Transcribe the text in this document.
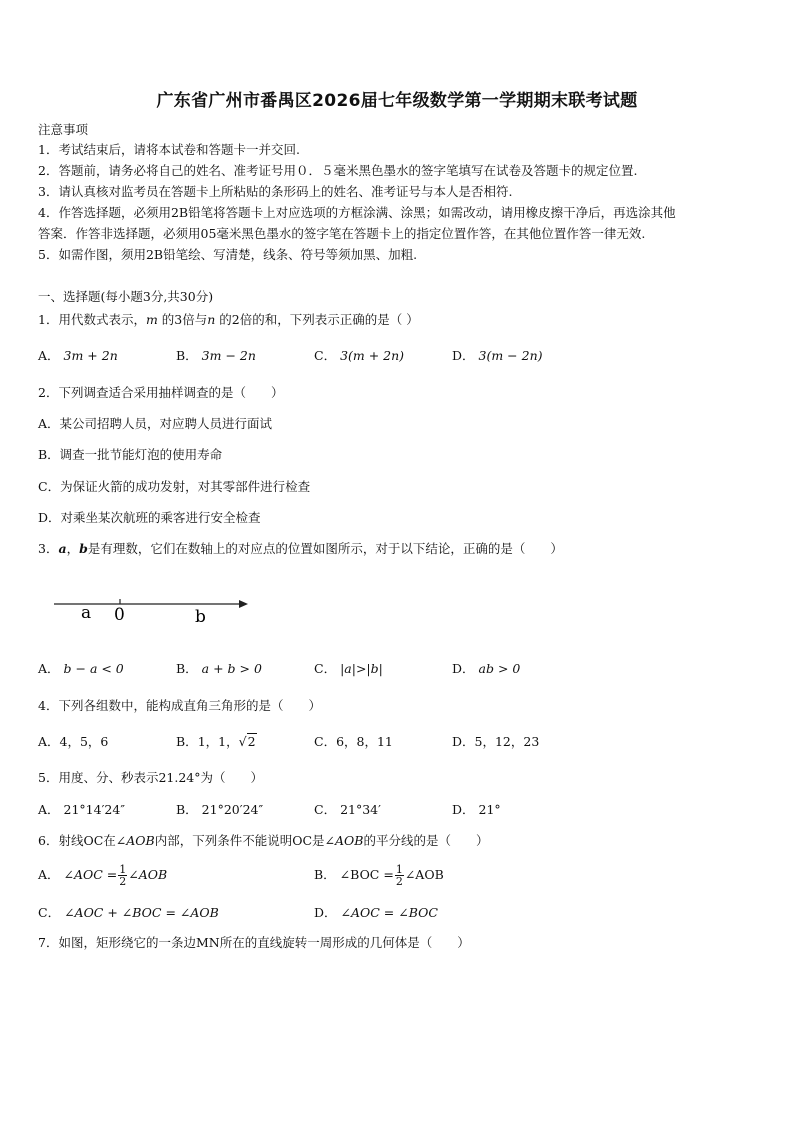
广东省广州市番禺区2026届七年级数学第一学期期末联考试题
注意事项
1．考试结束后，请将本试卷和答题卡一并交回.
2．答题前，请务必将自己的姓名、准考证号用０．５毫米黑色墨水的签字笔填写在试卷及答题卡的规定位置.
3．请认真核对监考员在答题卡上所粘贴的条形码上的姓名、准考证号与本人是否相符.
4．作答选择题，必须用2B铅笔将答题卡上对应选项的方框涂满、涂黑；如需改动，请用橡皮擦干净后，再选涂其他
答案．作答非选择题，必须用05毫米黑色墨水的签字笔在答题卡上的指定位置作答，在其他位置作答一律无效.
5．如需作图，须用2B铅笔绘、写清楚，线条、符号等须加黑、加粗.
一、选择题(每小题3分,共30分)
1．用代数式表示，m 的3倍与n 的2倍的和，下列表示正确的是（ ）
A． 3m + 2n	B． 3m − 2n	C． 3(m + 2n)	D． 3(m − 2n)
2．下列调查适合采用抽样调查的是（　　）
A．某公司招聘人员，对应聘人员进行面试
B．调查一批节能灯泡的使用寿命
C．为保证火箭的成功发射，对其零部件进行检查
D．对乘坐某次航班的乘客进行安全检查
3．a，b是有理数，它们在数轴上的对应点的位置如图所示，对于以下结论，正确的是（　　）
a 0	b
A． b − a < 0	B． a + b > 0	C． |a|>|b|	D． ab > 0
4．下列各组数中，能构成直角三角形的是（　　）
A．4，5，6	B．1，1，√2	C．6，8，11	D．5，12，23
5．用度、分、秒表示21.24°为（　　）
A． 21°14′24″	B． 21°20′24″	C． 21°34′	D． 21°
6．射线OC在∠AOB内部，下列条件不能说明OC是∠AOB的平分线的是（　　）
A． ∠AOC = $\frac{1}{2}$ ∠AOB	B． ∠BOC = $\frac{1}{2}$ ∠AOB
C． ∠AOC + ∠BOC = ∠AOB	D． ∠AOC = ∠BOC
7．如图，矩形绕它的一条边MN所在的直线旋转一周形成的几何体是（　　）
